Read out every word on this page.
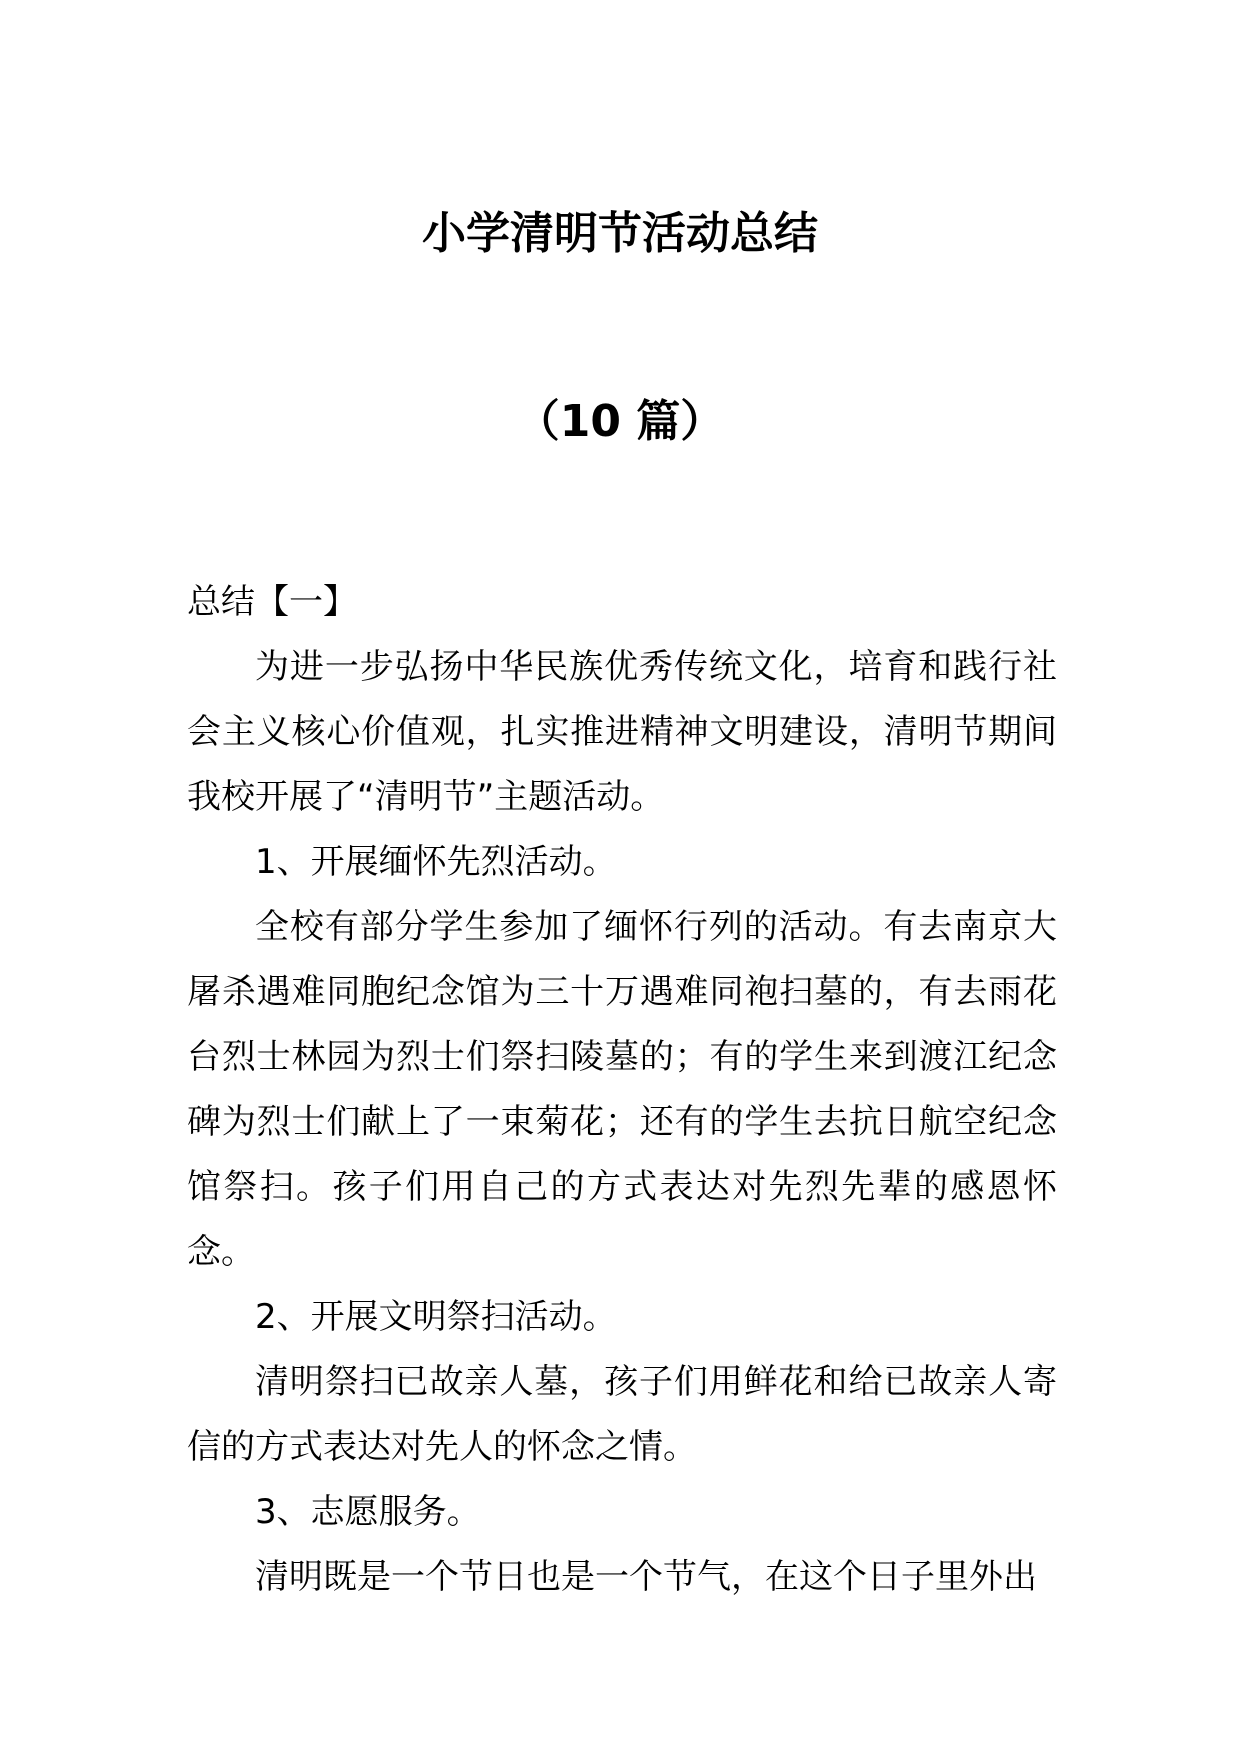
小学清明节活动总结
（10 篇）

总结【一】

为进一步弘扬中华民族优秀传统文化，培育和践行社会主义核心价值观，扎实推进精神文明建设，清明节期间我校开展了“清明节”主题活动。

1、开展缅怀先烈活动。

全校有部分学生参加了缅怀行列的活动。有去南京大屠杀遇难同胞纪念馆为三十万遇难同袍扫墓的，有去雨花台烈士林园为烈士们祭扫陵墓的；有的学生来到渡江纪念碑为烈士们献上了一束菊花；还有的学生去抗日航空纪念馆祭扫。孩子们用自己的方式表达对先烈先辈的感恩怀念。

2、开展文明祭扫活动。

清明祭扫已故亲人墓，孩子们用鲜花和给已故亲人寄信的方式表达对先人的怀念之情。

3、志愿服务。

清明既是一个节日也是一个节气，在这个日子里外出
